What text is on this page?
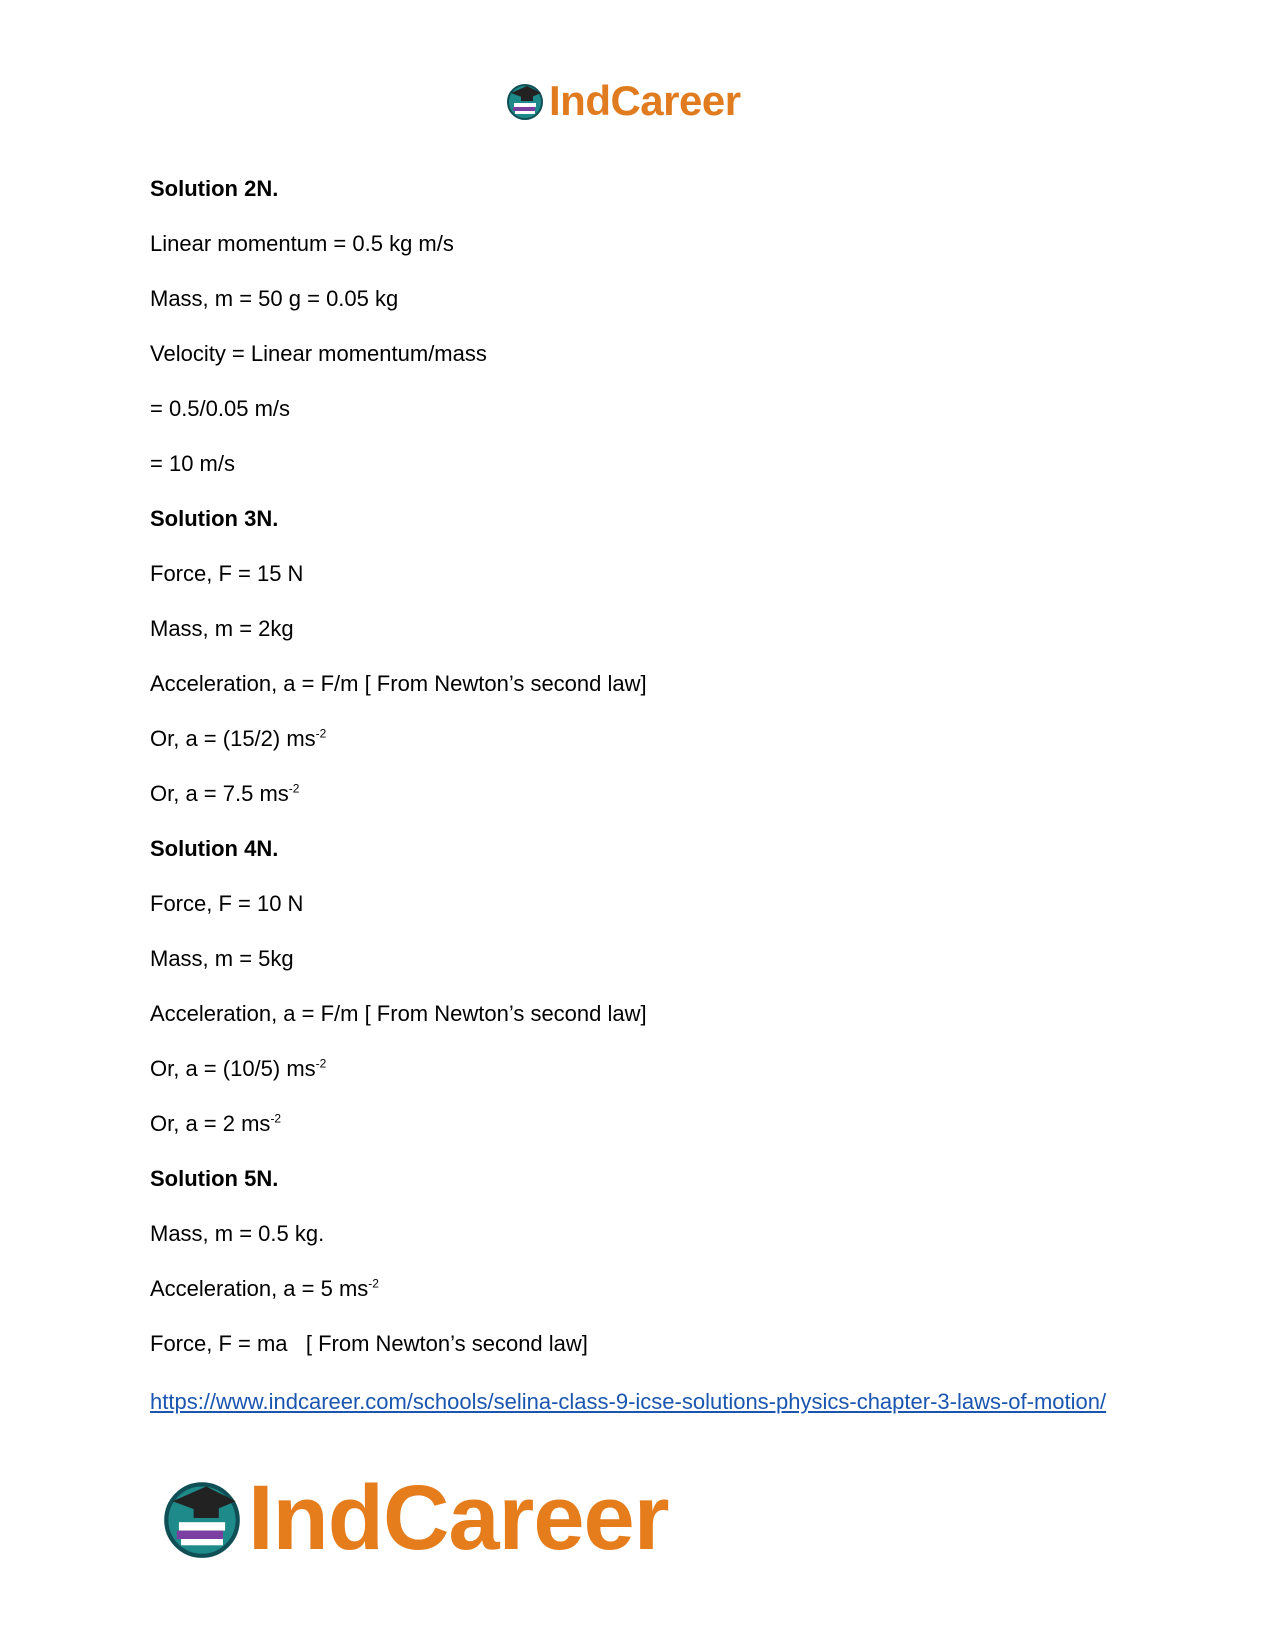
IndCareer
Solution 2N.
Linear momentum = 0.5 kg m/s
Mass, m = 50 g = 0.05 kg
Velocity = Linear momentum/mass
= 0.5/0.05 m/s
= 10 m/s
Solution 3N.
Force, F = 15 N
Mass, m = 2kg
Acceleration, a = F/m [ From Newton’s second law]
Or, a = (15/2) $ms^{-2}$
Or, a = 7.5 $ms^{-2}$
Solution 4N.
Force, F = 10 N
Mass, m = 5kg
Acceleration, a = F/m [ From Newton’s second law]
Or, a = (10/5) $ms^{-2}$
Or, a = 2 $ms^{-2}$
Solution 5N.
Mass, m = 0.5 kg.
Acceleration, a = 5 $ms^{-2}$
Force, F = ma   [ From Newton’s second law]
https://www.indcareer.com/schools/selina-class-9-icse-solutions-physics-chapter-3-laws-of-motion/
IndCareer
